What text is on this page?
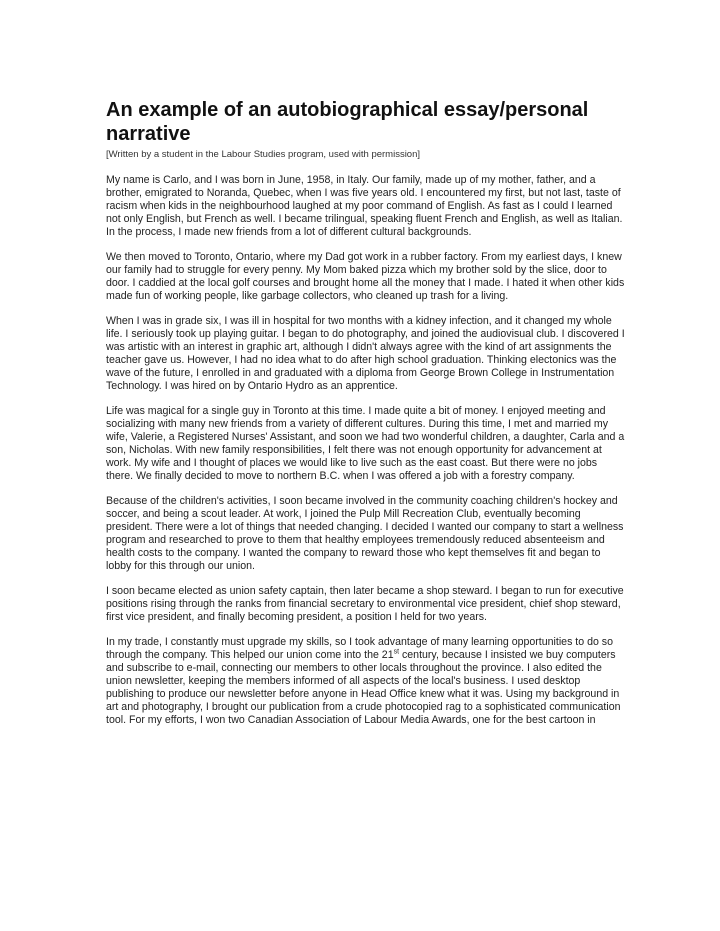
An example of an autobiographical essay/personal narrative

[Written by a student in the Labour Studies program, used with permission]

My name is Carlo, and I was born in June, 1958, in Italy. Our family, made up of my mother, father, and a brother, emigrated to Noranda, Quebec, when I was five years old. I encountered my first, but not last, taste of racism when kids in the neighbourhood laughed at my poor command of English. As fast as I could I learned not only English, but French as well. I became trilingual, speaking fluent French and English, as well as Italian. In the process, I made new friends from a lot of different cultural backgrounds.

We then moved to Toronto, Ontario, where my Dad got work in a rubber factory. From my earliest days, I knew our family had to struggle for every penny. My Mom baked pizza which my brother sold by the slice, door to door. I caddied at the local golf courses and brought home all the money that I made. I hated it when other kids made fun of working people, like garbage collectors, who cleaned up trash for a living.

When I was in grade six, I was ill in hospital for two months with a kidney infection, and it changed my whole life. I seriously took up playing guitar. I began to do photography, and joined the audiovisual club. I discovered I was artistic with an interest in graphic art, although I didn't always agree with the kind of art assignments the teacher gave us. However, I had no idea what to do after high school graduation. Thinking electonics was the wave of the future, I enrolled in and graduated with a diploma from George Brown College in Instrumentation Technology. I was hired on by Ontario Hydro as an apprentice.

Life was magical for a single guy in Toronto at this time. I made quite a bit of money. I enjoyed meeting and socializing with many new friends from a variety of different cultures. During this time, I met and married my wife, Valerie, a Registered Nurses' Assistant, and soon we had two wonderful children, a daughter, Carla and a son, Nicholas. With new family responsibilities, I felt there was not enough opportunity for advancement at work. My wife and I thought of places we would like to live such as the east coast. But there were no jobs there. We finally decided to move to northern B.C. when I was offered a job with a forestry company.

Because of the children's activities, I soon became involved in the community coaching children's hockey and soccer, and being a scout leader. At work, I joined the Pulp Mill Recreation Club, eventually becoming president. There were a lot of things that needed changing. I decided I wanted our company to start a wellness program and researched to prove to them that healthy employees tremendously reduced absenteeism and health costs to the company. I wanted the company to reward those who kept themselves fit and began to lobby for this through our union.

I soon became elected as union safety captain, then later became a shop steward. I began to run for executive positions rising through the ranks from financial secretary to environmental vice president, chief shop steward, first vice president, and finally becoming president, a position I held for two years.

In my trade, I constantly must upgrade my skills, so I took advantage of many learning opportunities to do so through the company. This helped our union come into the 21st century, because I insisted we buy computers and subscribe to e-mail, connecting our members to other locals throughout the province. I also edited the union newsletter, keeping the members informed of all aspects of the local's business. I used desktop publishing to produce our newsletter before anyone in Head Office knew what it was. Using my background in art and photography, I brought our publication from a crude photocopied rag to a sophisticated communication tool. For my efforts, I won two Canadian Association of Labour Media Awards, one for the best cartoon in
